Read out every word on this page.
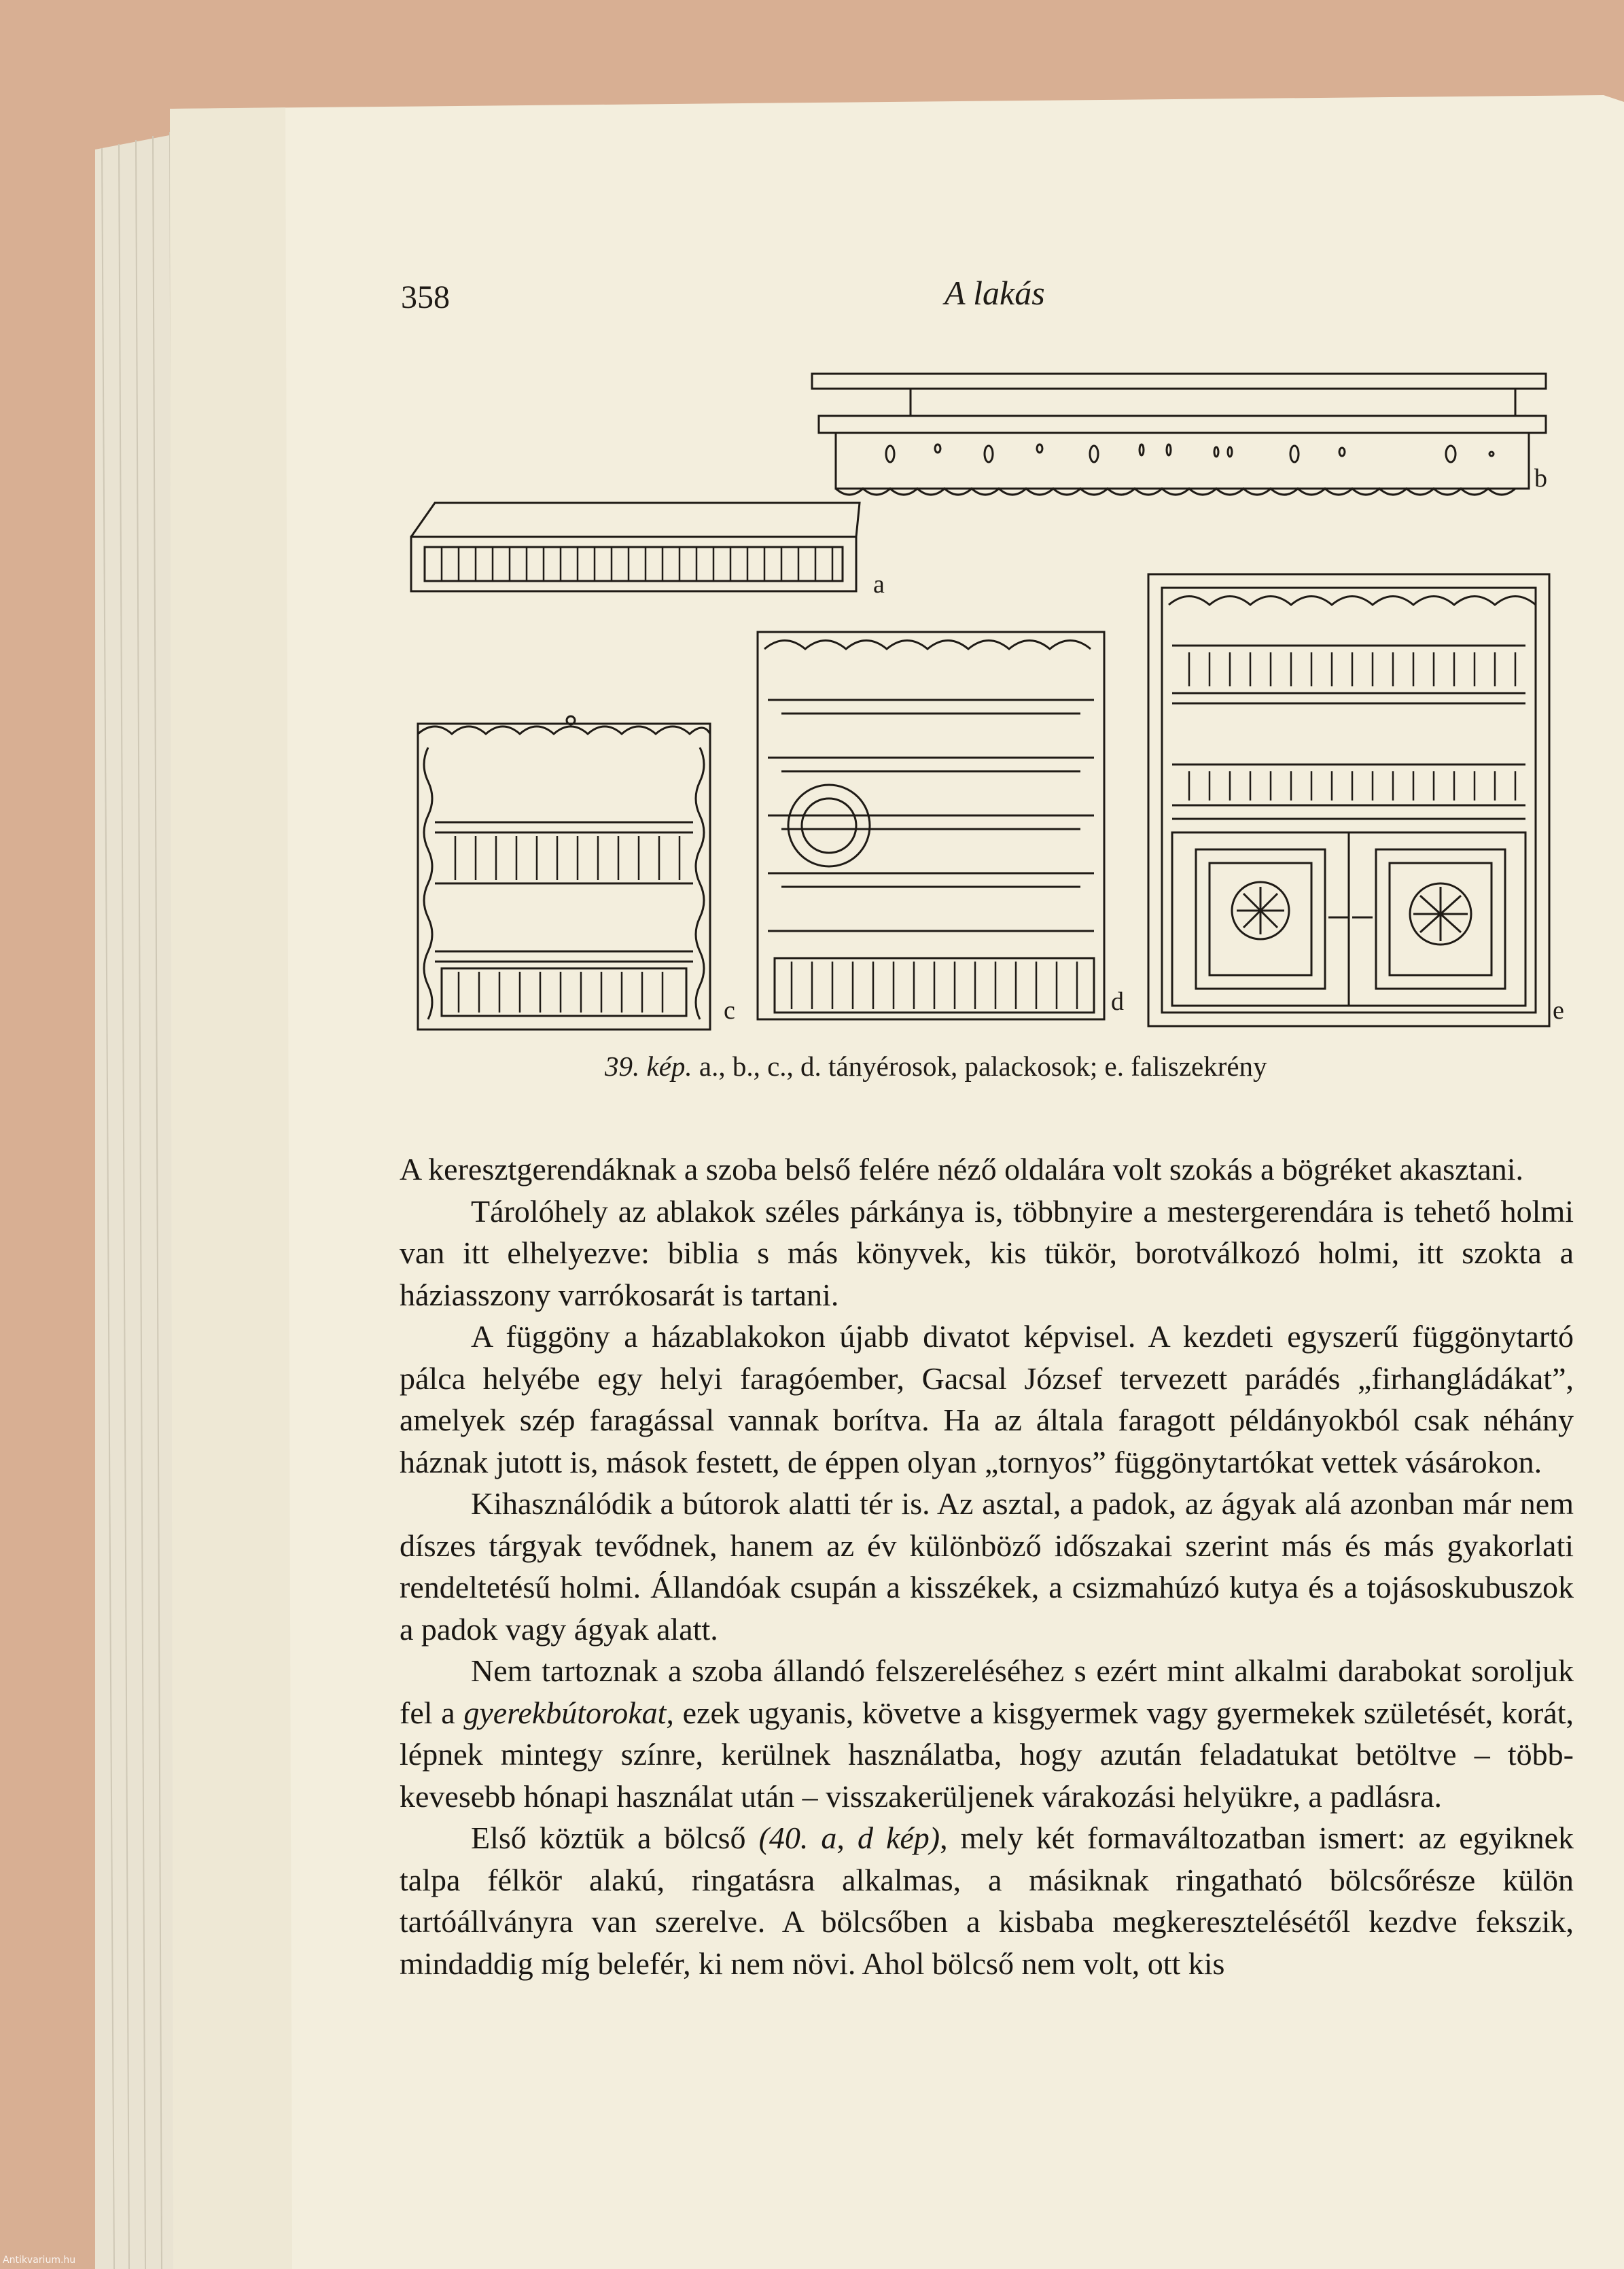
358	A lakás
a
b
c	d	e
39. kép. a., b., c., d. tányérosok, palackosok; e. faliszekrény

A keresztgerendáknak a szoba belső felére néző oldalára volt szokás a bögréket akasztani.

Tárolóhely az ablakok széles párkánya is, többnyire a mestergerendára is tehető holmi van itt elhelyezve: biblia s más könyvek, kis tükör, borotválkozó holmi, itt szokta a háziasszony varrókosarát is tartani.

A függöny a házablakokon újabb divatot képvisel. A kezdeti egyszerű függönytartó pálca helyébe egy helyi faragóember, Gacsal József tervezett parádés „firhangládákat”, amelyek szép faragással vannak borítva. Ha az általa faragott példányokból csak néhány háznak jutott is, mások festett, de éppen olyan „tornyos” függönytartókat vettek vásárokon.

Kihasználódik a bútorok alatti tér is. Az asztal, a padok, az ágyak alá azonban már nem díszes tárgyak tevődnek, hanem az év különböző időszakai szerint más és más gyakorlati rendeltetésű holmi. Állandóak csupán a kisszékek, a csizmahúzó kutya és a tojásoskubuszok a padok vagy ágyak alatt.

Nem tartoznak a szoba állandó felszereléséhez s ezért mint alkalmi darabokat soroljuk fel a gyerekbútorokat, ezek ugyanis, követve a kisgyermek vagy gyermekek születését, korát, lépnek mintegy színre, kerülnek használatba, hogy azután feladatukat betöltve – több-kevesebb hónapi használat után – visszakerüljenek várakozási helyükre, a padlásra.

Első köztük a bölcső (40. a, d kép), mely két formaváltozatban ismert: az egyiknek talpa félkör alakú, ringatásra alkalmas, a másiknak ringatható bölcsőrésze külön tartóállványra van szerelve. A bölcsőben a kisbaba megkeresztelésétől kezdve fekszik, mindaddig míg belefér, ki nem növi. Ahol bölcső nem volt, ott kis

Antikvarium.hu
